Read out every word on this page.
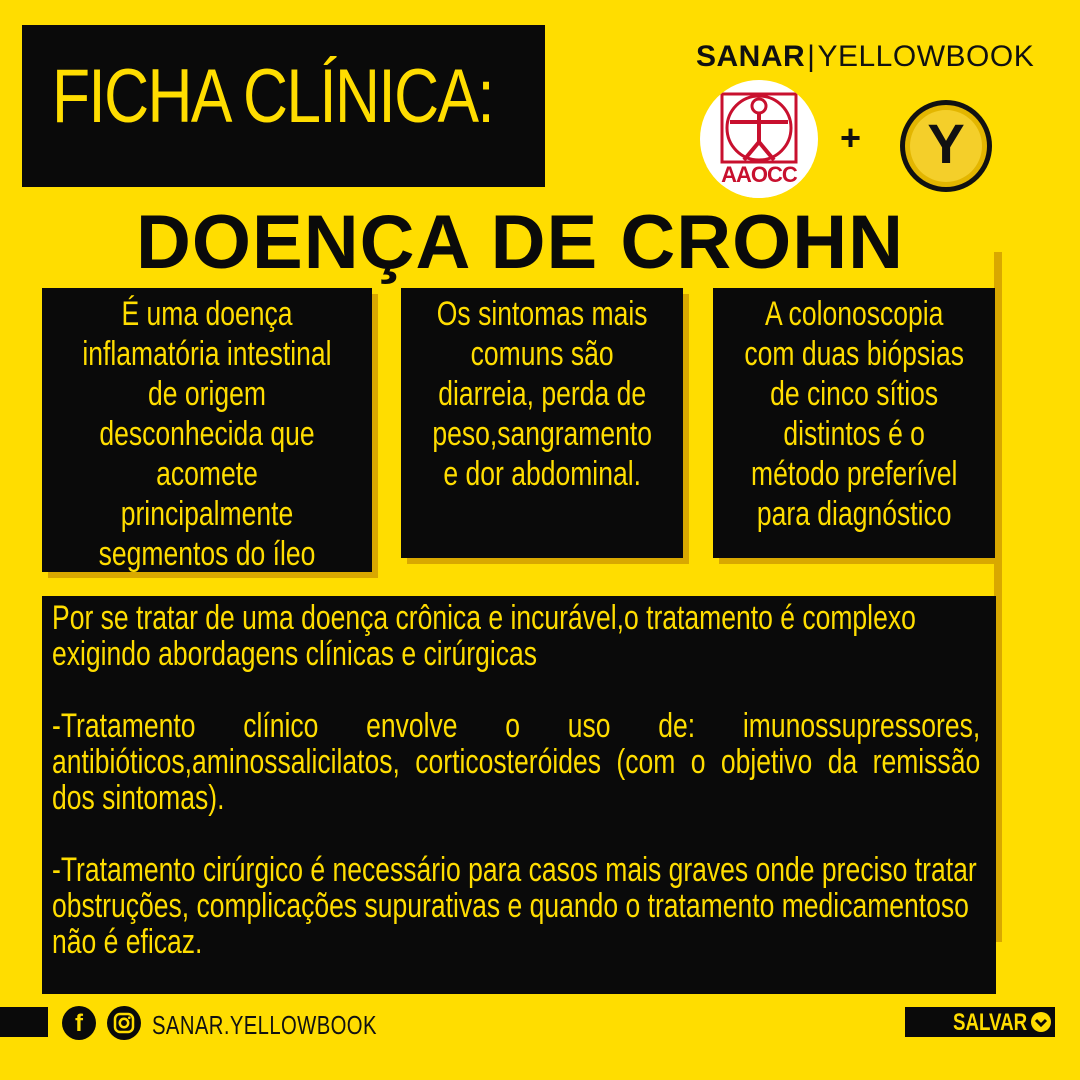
FICHA CLÍNICA:	SANAR|YELLOWBOOK
AAOCC
+	Y
DOENÇA DE CROHN
É uma doença
inflamatória intestinal
de origem
desconhecida que
acomete
principalmente
segmentos do íleo
Os sintomas mais
comuns são
diarreia, perda de
peso,sangramento
e dor abdominal.
A colonoscopia
com duas biópsias
de cinco sítios
distintos é o
método preferível
para diagnóstico

Por se tratar de uma doença crônica e incurável,o tratamento é complexo exigindo abordagens clínicas e cirúrgicas

-Tratamento clínico envolve o uso de: imunossupressores, antibióticos,aminossalicilatos, corticosteróides (com o objetivo da remissão dos sintomas).

-Tratamento cirúrgico é necessário para casos mais graves onde preciso tratar obstruções, complicações supurativas e quando o tratamento medicamentoso não é eficaz.

f	SANAR.YELLOWBOOK	SALVAR
